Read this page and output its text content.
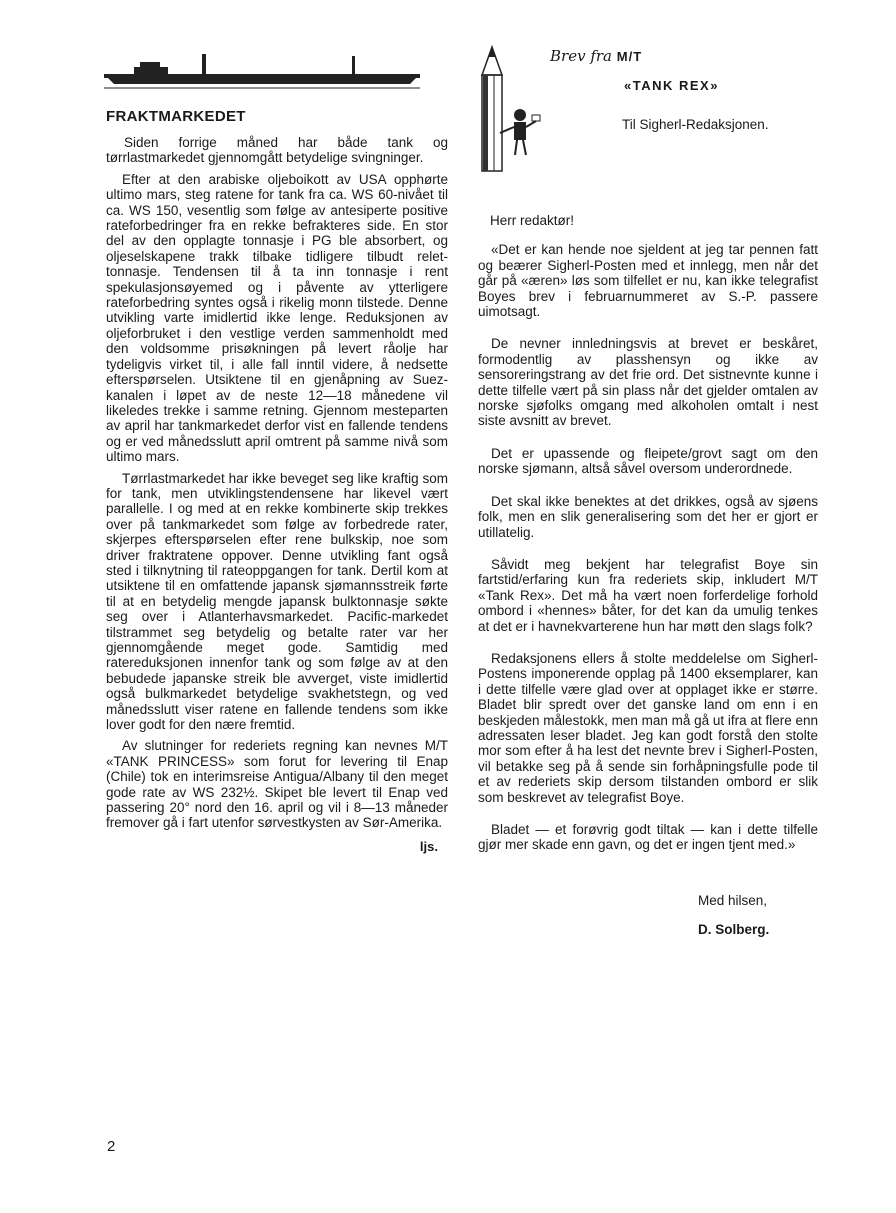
FRAKTMARKEDET

Siden forrige måned har både tank og tørrlastmarkedet gjennomgått betydelige svingninger.

Efter at den arabiske oljeboikott av USA opphørte ultimo mars, steg ratene for tank fra ca. WS 60-nivået til ca. WS 150, vesentlig som følge av antesiperte positive rateforbedringer fra en rekke befrakteres side. En stor del av den opplagte tonnasje i PG ble absorbert, og oljeselskapene trakk tilbake tidligere tilbudt relet-tonnasje. Tendensen til å ta inn tonnasje i rent spekulasjonsøyemed og i påvente av ytterligere rateforbedring syntes også i rikelig monn tilstede. Denne utvikling varte imidlertid ikke lenge. Reduksjonen av oljeforbruket i den vestlige verden sammenholdt med den voldsomme prisøkningen på levert råolje har tydeligvis virket til, i alle fall inntil videre, å nedsette efterspørselen. Utsiktene til en gjenåpning av Suez-kanalen i løpet av de neste 12—18 månedene vil likeledes trekke i samme retning. Gjennom mesteparten av april har tankmarkedet derfor vist en fallende tendens og er ved månedsslutt april omtrent på samme nivå som ultimo mars.

Tørrlastmarkedet har ikke beveget seg like kraftig som for tank, men utviklingstendensene har likevel vært parallelle. I og med at en rekke kombinerte skip trekkes over på tankmarkedet som følge av forbedrede rater, skjerpes efterspørselen efter rene bulkskip, noe som driver fraktratene oppover. Denne utvikling fant også sted i tilknytning til rateoppgangen for tank. Dertil kom at utsiktene til en omfattende japansk sjømannsstreik førte til at en betydelig mengde japansk bulktonnasje søkte seg over i Atlanterhavsmarkedet. Pacific-markedet tilstrammet seg betydelig og betalte rater var her gjennomgående meget gode. Samtidig med ratereduksjonen innenfor tank og som følge av at den bebudede japanske streik ble avverget, viste imidlertid også bulkmarkedet betydelige svakhetstegn, og ved månedsslutt viser ratene en fallende tendens som ikke lover godt for den nære fremtid.

Av slutninger for rederiets regning kan nevnes M/T «TANK PRINCESS» som forut for levering til Enap (Chile) tok en interimsreise Antigua/Albany til den meget gode rate av WS 232½. Skipet ble levert til Enap ved passering 20° nord den 16. april og vil i 8—13 måneder fremover gå i fart utenfor sørvestkysten av Sør-Amerika.

ljs.
Brev fra M/T
«TANK REX»
Til Sigherl-Redaksjonen.

Herr redaktør!

«Det er kan hende noe sjeldent at jeg tar pennen fatt og beærer Sigherl-Posten med et innlegg, men når det går på «æren» løs som tilfellet er nu, kan ikke telegrafist Boyes brev i februarnummeret av S.-P. passere uimotsagt.

De nevner innledningsvis at brevet er beskåret, formodentlig av plasshensyn og ikke av sensoreringstrang av det frie ord. Det sistnevnte kunne i dette tilfelle vært på sin plass når det gjelder omtalen av norske sjøfolks omgang med alkoholen omtalt i nest siste avsnitt av brevet.

Det er upassende og fleipete/grovt sagt om den norske sjømann, altså såvel oversom underordnede.

Det skal ikke benektes at det drikkes, også av sjøens folk, men en slik generalisering som det her er gjort er utillatelig.

Såvidt meg bekjent har telegrafist Boye sin fartstid/erfaring kun fra rederiets skip, inkludert M/T «Tank Rex». Det må ha vært noen forferdelige forhold ombord i «hennes» båter, for det kan da umulig tenkes at det er i havnekvarterene hun har møtt den slags folk?

Redaksjonens ellers å stolte meddelelse om Sigherl-Postens imponerende opplag på 1400 eksemplarer, kan i dette tilfelle være glad over at opplaget ikke er større. Bladet blir spredt over det ganske land om enn i en beskjeden målestokk, men man må gå ut ifra at flere enn adressaten leser bladet. Jeg kan godt forstå den stolte mor som efter å ha lest det nevnte brev i Sigherl-Posten, vil betakke seg på å sende sin forhåpningsfulle pode til et av rederiets skip dersom tilstanden ombord er slik som beskrevet av telegrafist Boye.

Bladet — et forøvrig godt tiltak — kan i dette tilfelle gjør mer skade enn gavn, og det er ingen tjent med.»

Med hilsen,
D. Solberg.
2
